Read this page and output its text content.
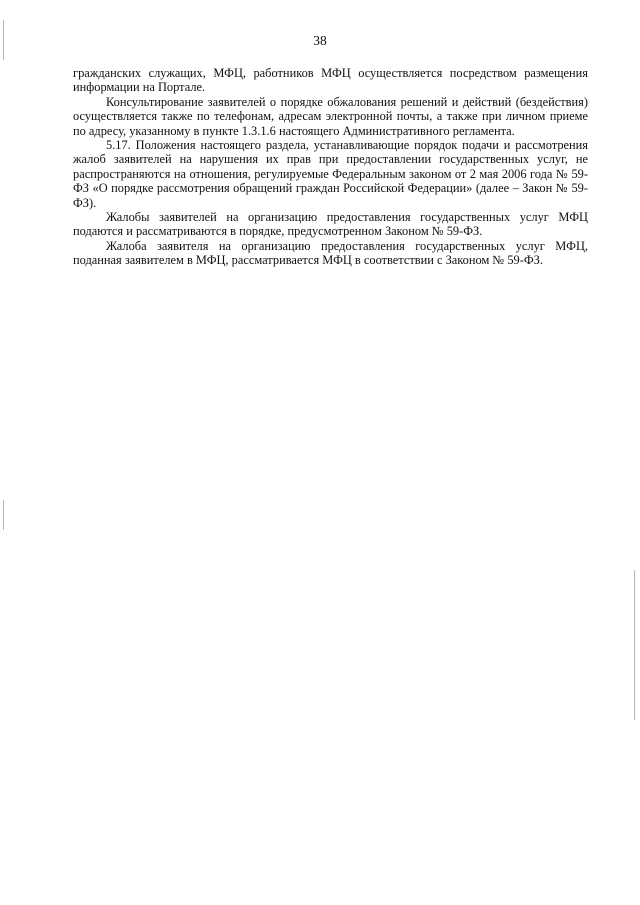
38

гражданских служащих, МФЦ, работников МФЦ осуществляется посредством размещения информации на Портале.

Консультирование заявителей о порядке обжалования решений и действий (бездействия) осуществляется также по телефонам, адресам электронной почты, а также при личном приеме по адресу, указанному в пункте 1.3.1.6 настоящего Административного регламента.

5.17. Положения настоящего раздела, устанавливающие порядок подачи и рассмотрения жалоб заявителей на нарушения их прав при предоставлении государственных услуг, не распространяются на отношения, регулируемые Федеральным законом от 2 мая 2006 года № 59-ФЗ «О порядке рассмотрения обращений граждан Российской Федерации» (далее – Закон № 59-ФЗ).

Жалобы заявителей на организацию предоставления государственных услуг МФЦ подаются и рассматриваются в порядке, предусмотренном Законом № 59-ФЗ.

Жалоба заявителя на организацию предоставления государственных услуг МФЦ, поданная заявителем в МФЦ, рассматривается МФЦ в соответствии с Законом № 59-ФЗ.
